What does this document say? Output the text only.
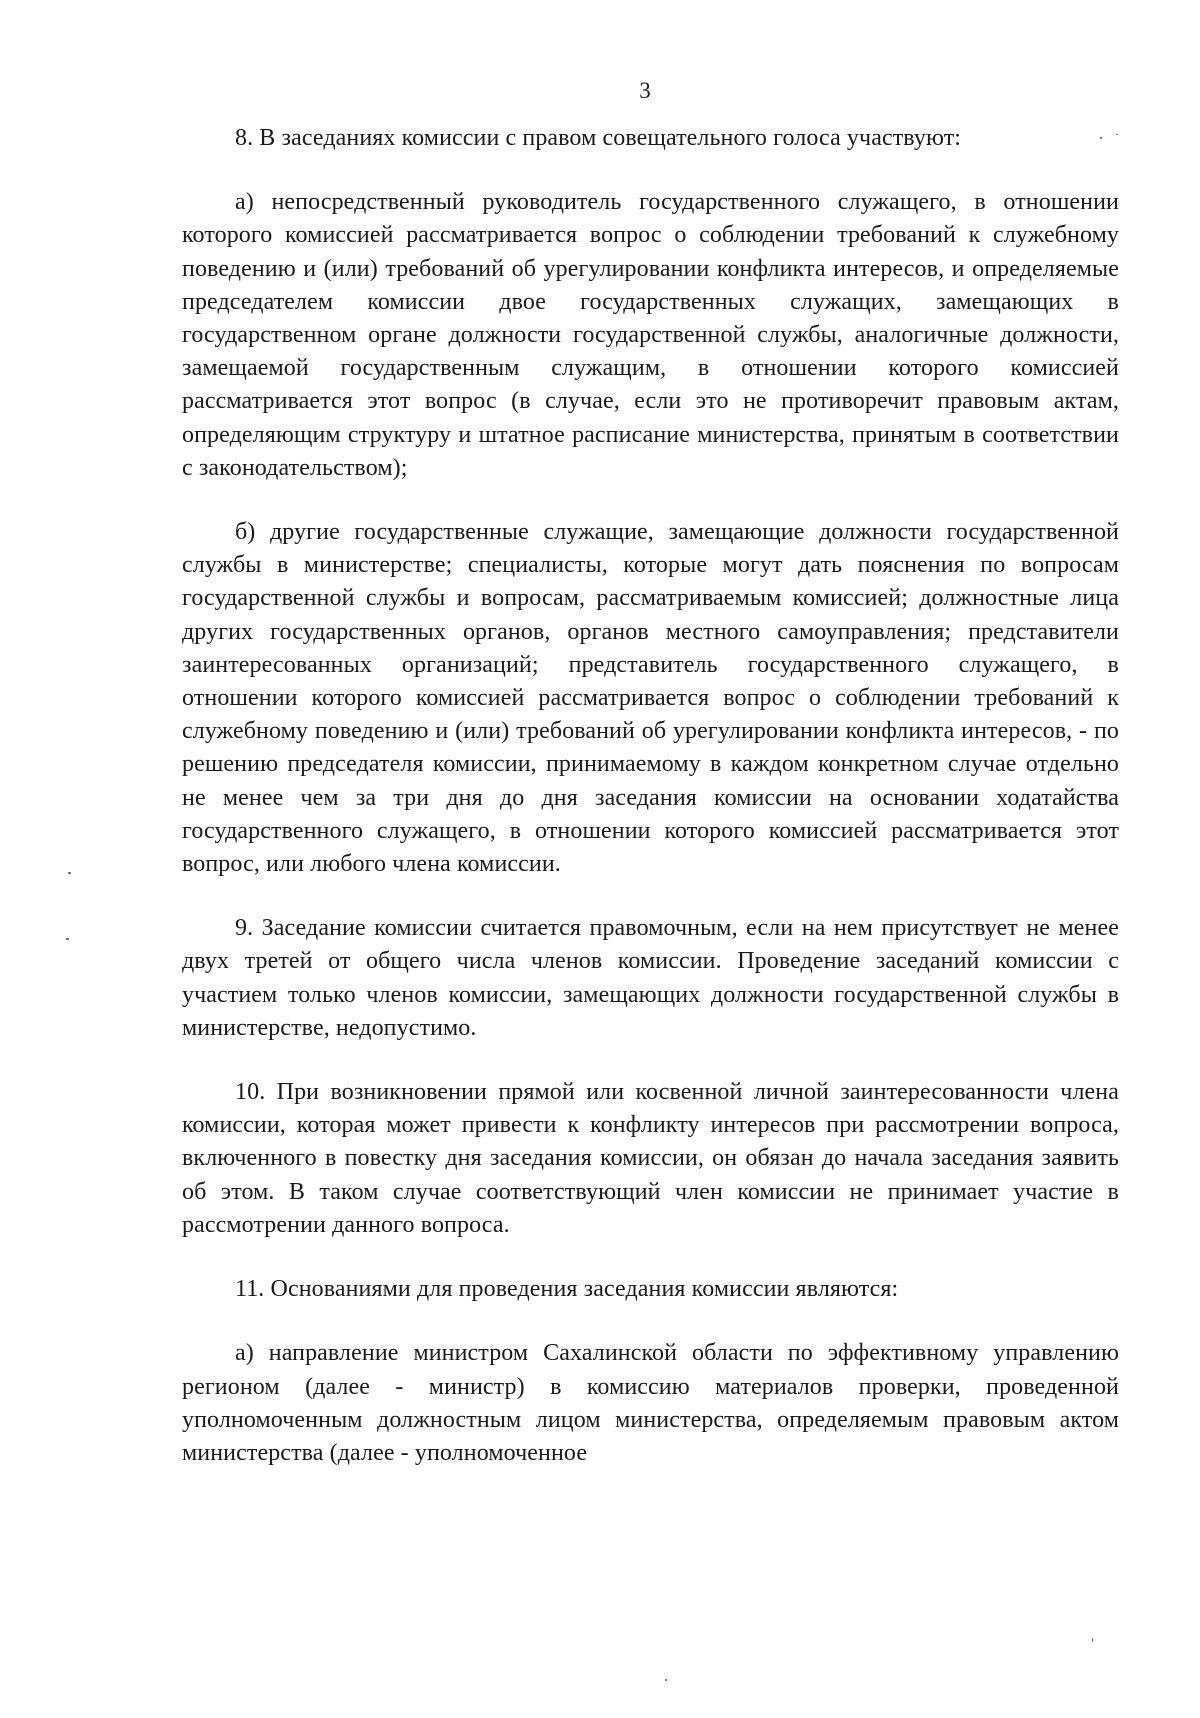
3

8. В заседаниях комиссии с правом совещательного голоса участвуют:

а) непосредственный руководитель государственного служащего, в отношении которого комиссией рассматривается вопрос о соблюдении требований к служебному поведению и (или) требований об урегулировании конфликта интересов, и определяемые председателем комиссии двое государственных служащих, замещающих в государственном органе должности государственной службы, аналогичные должности, замещаемой государственным служащим, в отношении которого комиссией рассматривается этот вопрос (в случае, если это не противоречит правовым актам, определяющим структуру и штатное расписание министерства, принятым в соответствии с законодательством);

б) другие государственные служащие, замещающие должности государственной службы в министерстве; специалисты, которые могут дать пояснения по вопросам государственной службы и вопросам, рассматриваемым комиссией; должностные лица других государственных органов, органов местного самоуправления; представители заинтересованных организаций; представитель государственного служащего, в отношении которого комиссией рассматривается вопрос о соблюдении требований к служебному поведению и (или) требований об урегулировании конфликта интересов, - по решению председателя комиссии, принимаемому в каждом конкретном случае отдельно не менее чем за три дня до дня заседания комиссии на основании ходатайства государственного служащего, в отношении которого комиссией рассматривается этот вопрос, или любого члена комиссии.

9. Заседание комиссии считается правомочным, если на нем присутствует не менее двух третей от общего числа членов комиссии. Проведение заседаний комиссии с участием только членов комиссии, замещающих должности государственной службы в министерстве, недопустимо.

10. При возникновении прямой или косвенной личной заинтересованности члена комиссии, которая может привести к конфликту интересов при рассмотрении вопроса, включенного в повестку дня заседания комиссии, он обязан до начала заседания заявить об этом. В таком случае соответствующий член комиссии не принимает участие в рассмотрении данного вопроса.

11. Основаниями для проведения заседания комиссии являются:

а) направление министром Сахалинской области по эффективному управлению регионом (далее - министр) в комиссию материалов проверки, проведенной уполномоченным должностным лицом министерства, определяемым правовым актом министерства (далее - уполномоченное
